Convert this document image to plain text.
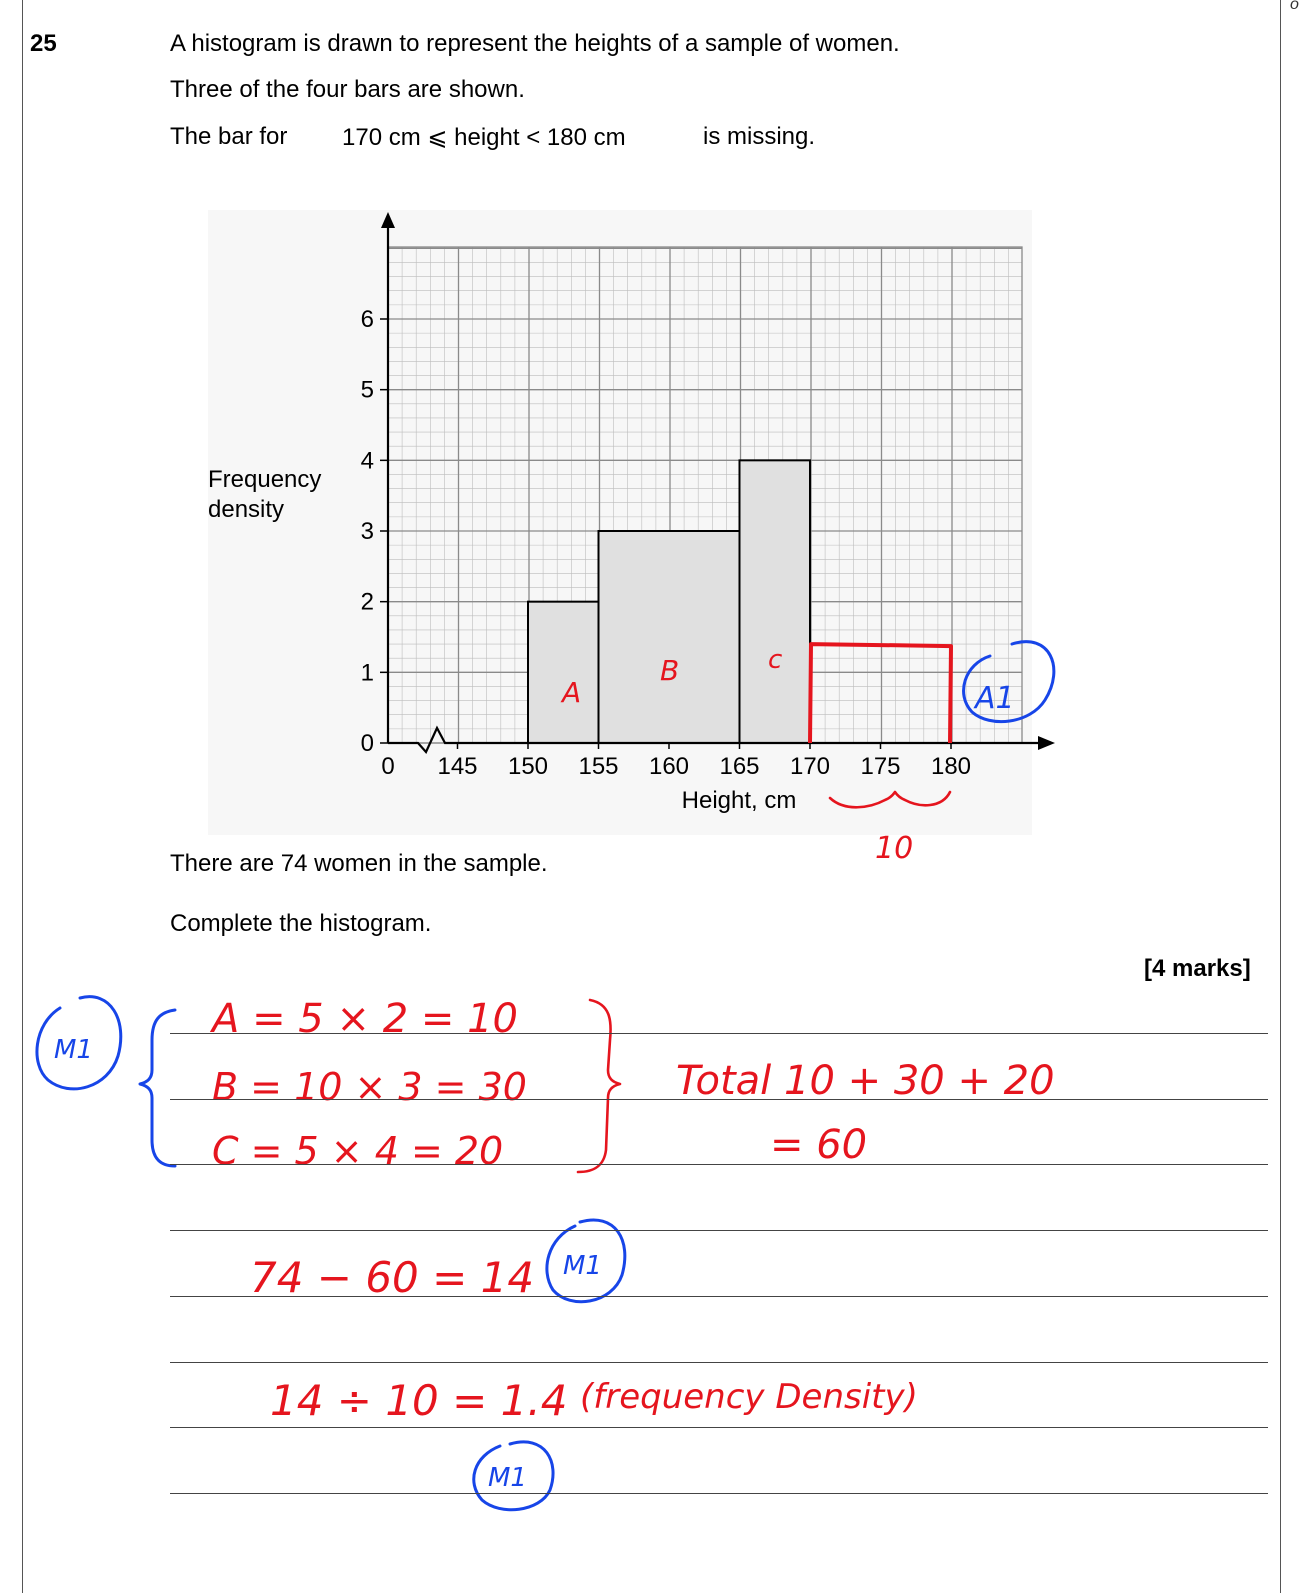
o
25	A histogram is drawn to represent the heights of a sample of women.
Three of the four bars are shown.
The bar for 170 cm ⩽ height < 180 cm	is missing.
0
1
2
3
4
5
6
0 145 150 155 160 165 170 175 180
Frequency
density
Height, cm
A
B	c
10
A1
M1
A = 5 × 2 = 10
B = 10 × 3 = 30
C = 5 × 4 = 20
Total 10 + 30 + 20
= 60
74 − 60 = 14 M1
14 ÷ 10 = 1.4 (frequency Density)
M1
There are 74 women in the sample.
Complete the histogram.
[4 marks]
